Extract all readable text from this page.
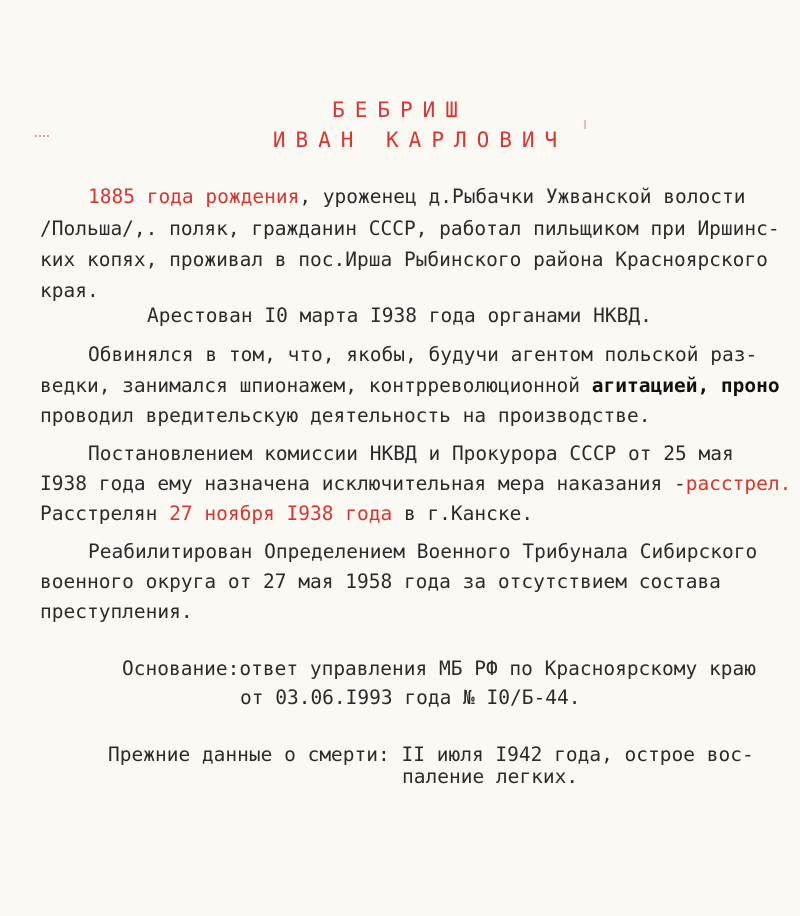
БЕБРИШ
ИВАН КАРЛОВИЧ
1885 года рождения, уроженец д.Рыбачки Ужванской волости
/Польша/,. поляк, гражданин СССР, работал пильщиком при Иршинс-
ких копях, проживал в пос.Ирша Рыбинского района Красноярского
края.
Арестован I0 марта I938 года органами НКВД.
Обвинялся в том, что, якобы, будучи агентом польской раз-
ведки, занимался шпионажем, контрреволюционной агитацией, проно
проводил вредительскую деятельность на производстве.
Постановлением комиссии НКВД и Прокурора СССР от 25 мая
I938 года ему назначена исключительная мера наказания -расстрел.
Расстрелян 27 ноября I938 года в г.Канске.
Реабилитирован Определением Военного Трибунала Сибирского
военного округа от 27 мая 1958 года за отсутствием состава
преступления.
Основание:ответ управления МБ РФ по Красноярскому краю
от 03.06.I993 года № I0/Б-44.
Прежние данные о смерти: II июля I942 года, острое вос-
паление легких.
